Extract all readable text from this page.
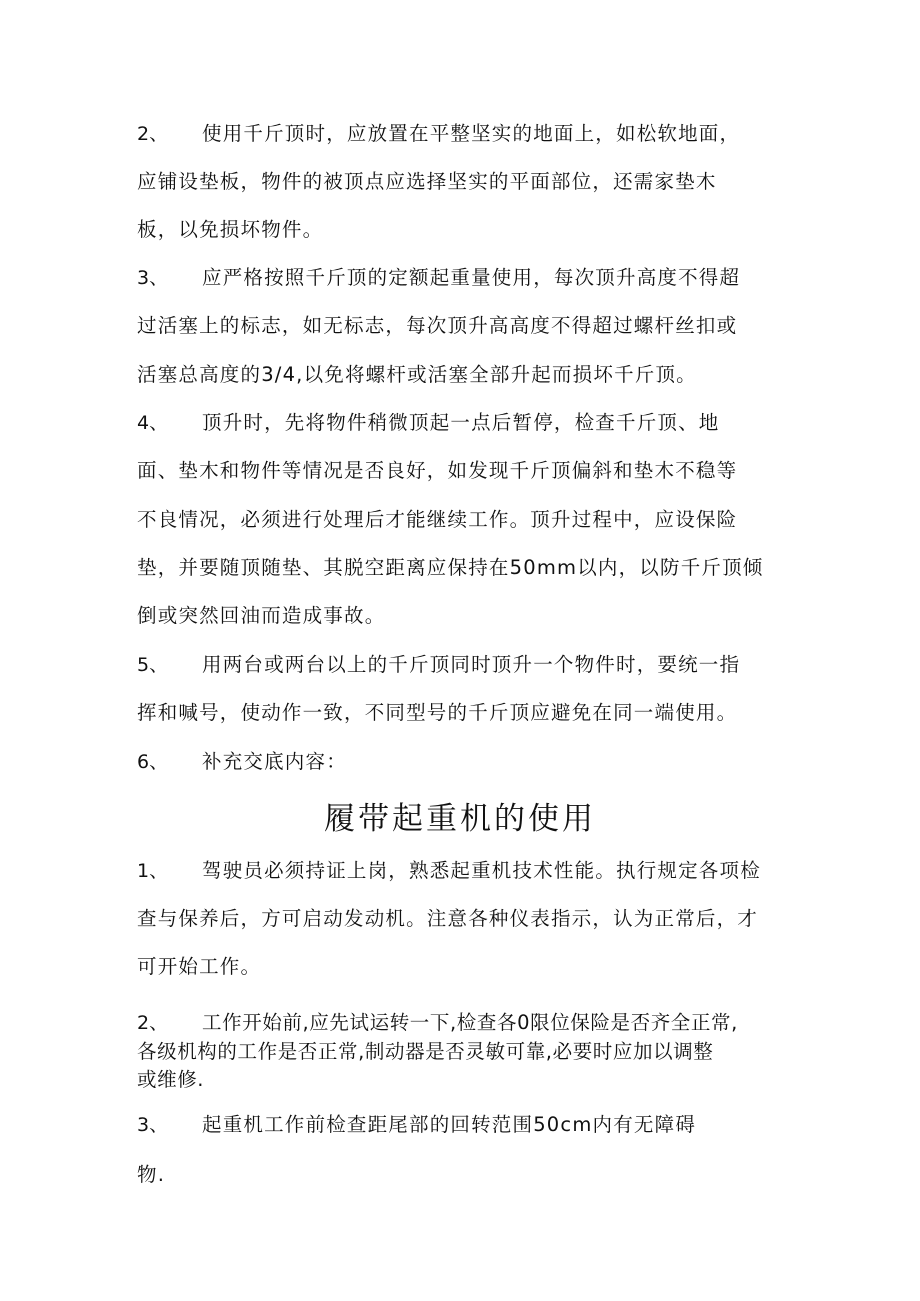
2、 使用千斤顶时，应放置在平整坚实的地面上，如松软地面，
应铺设垫板，物件的被顶点应选择坚实的平面部位，还需家垫木
板，以免损坏物件。
3、 应严格按照千斤顶的定额起重量使用，每次顶升高度不得超
过活塞上的标志，如无标志，每次顶升高高度不得超过螺杆丝扣或
活塞总高度的3/4,以免将螺杆或活塞全部升起而损坏千斤顶。
4、 顶升时，先将物件稍微顶起一点后暂停，检查千斤顶、地
面、垫木和物件等情况是否良好，如发现千斤顶偏斜和垫木不稳等
不良情况，必须进行处理后才能继续工作。顶升过程中，应设保险
垫，并要随顶随垫、其脱空距离应保持在50mm以内，以防千斤顶倾
倒或突然回油而造成事故。
5、 用两台或两台以上的千斤顶同时顶升一个物件时，要统一指
挥和喊号，使动作一致，不同型号的千斤顶应避免在同一端使用。
6、 补充交底内容：
履带起重机的使用
1、 驾驶员必须持证上岗，熟悉起重机技术性能。执行规定各项检
查与保养后，方可启动发动机。注意各种仪表指示，认为正常后，才
可开始工作。
2、 工作开始前,应先试运转一下,检查各0限位保险是否齐全正常,
各级机构的工作是否正常,制动器是否灵敏可靠,必要时应加以调整
或维修.
3、 起重机工作前检查距尾部的回转范围50cm内有无障碍
物.
